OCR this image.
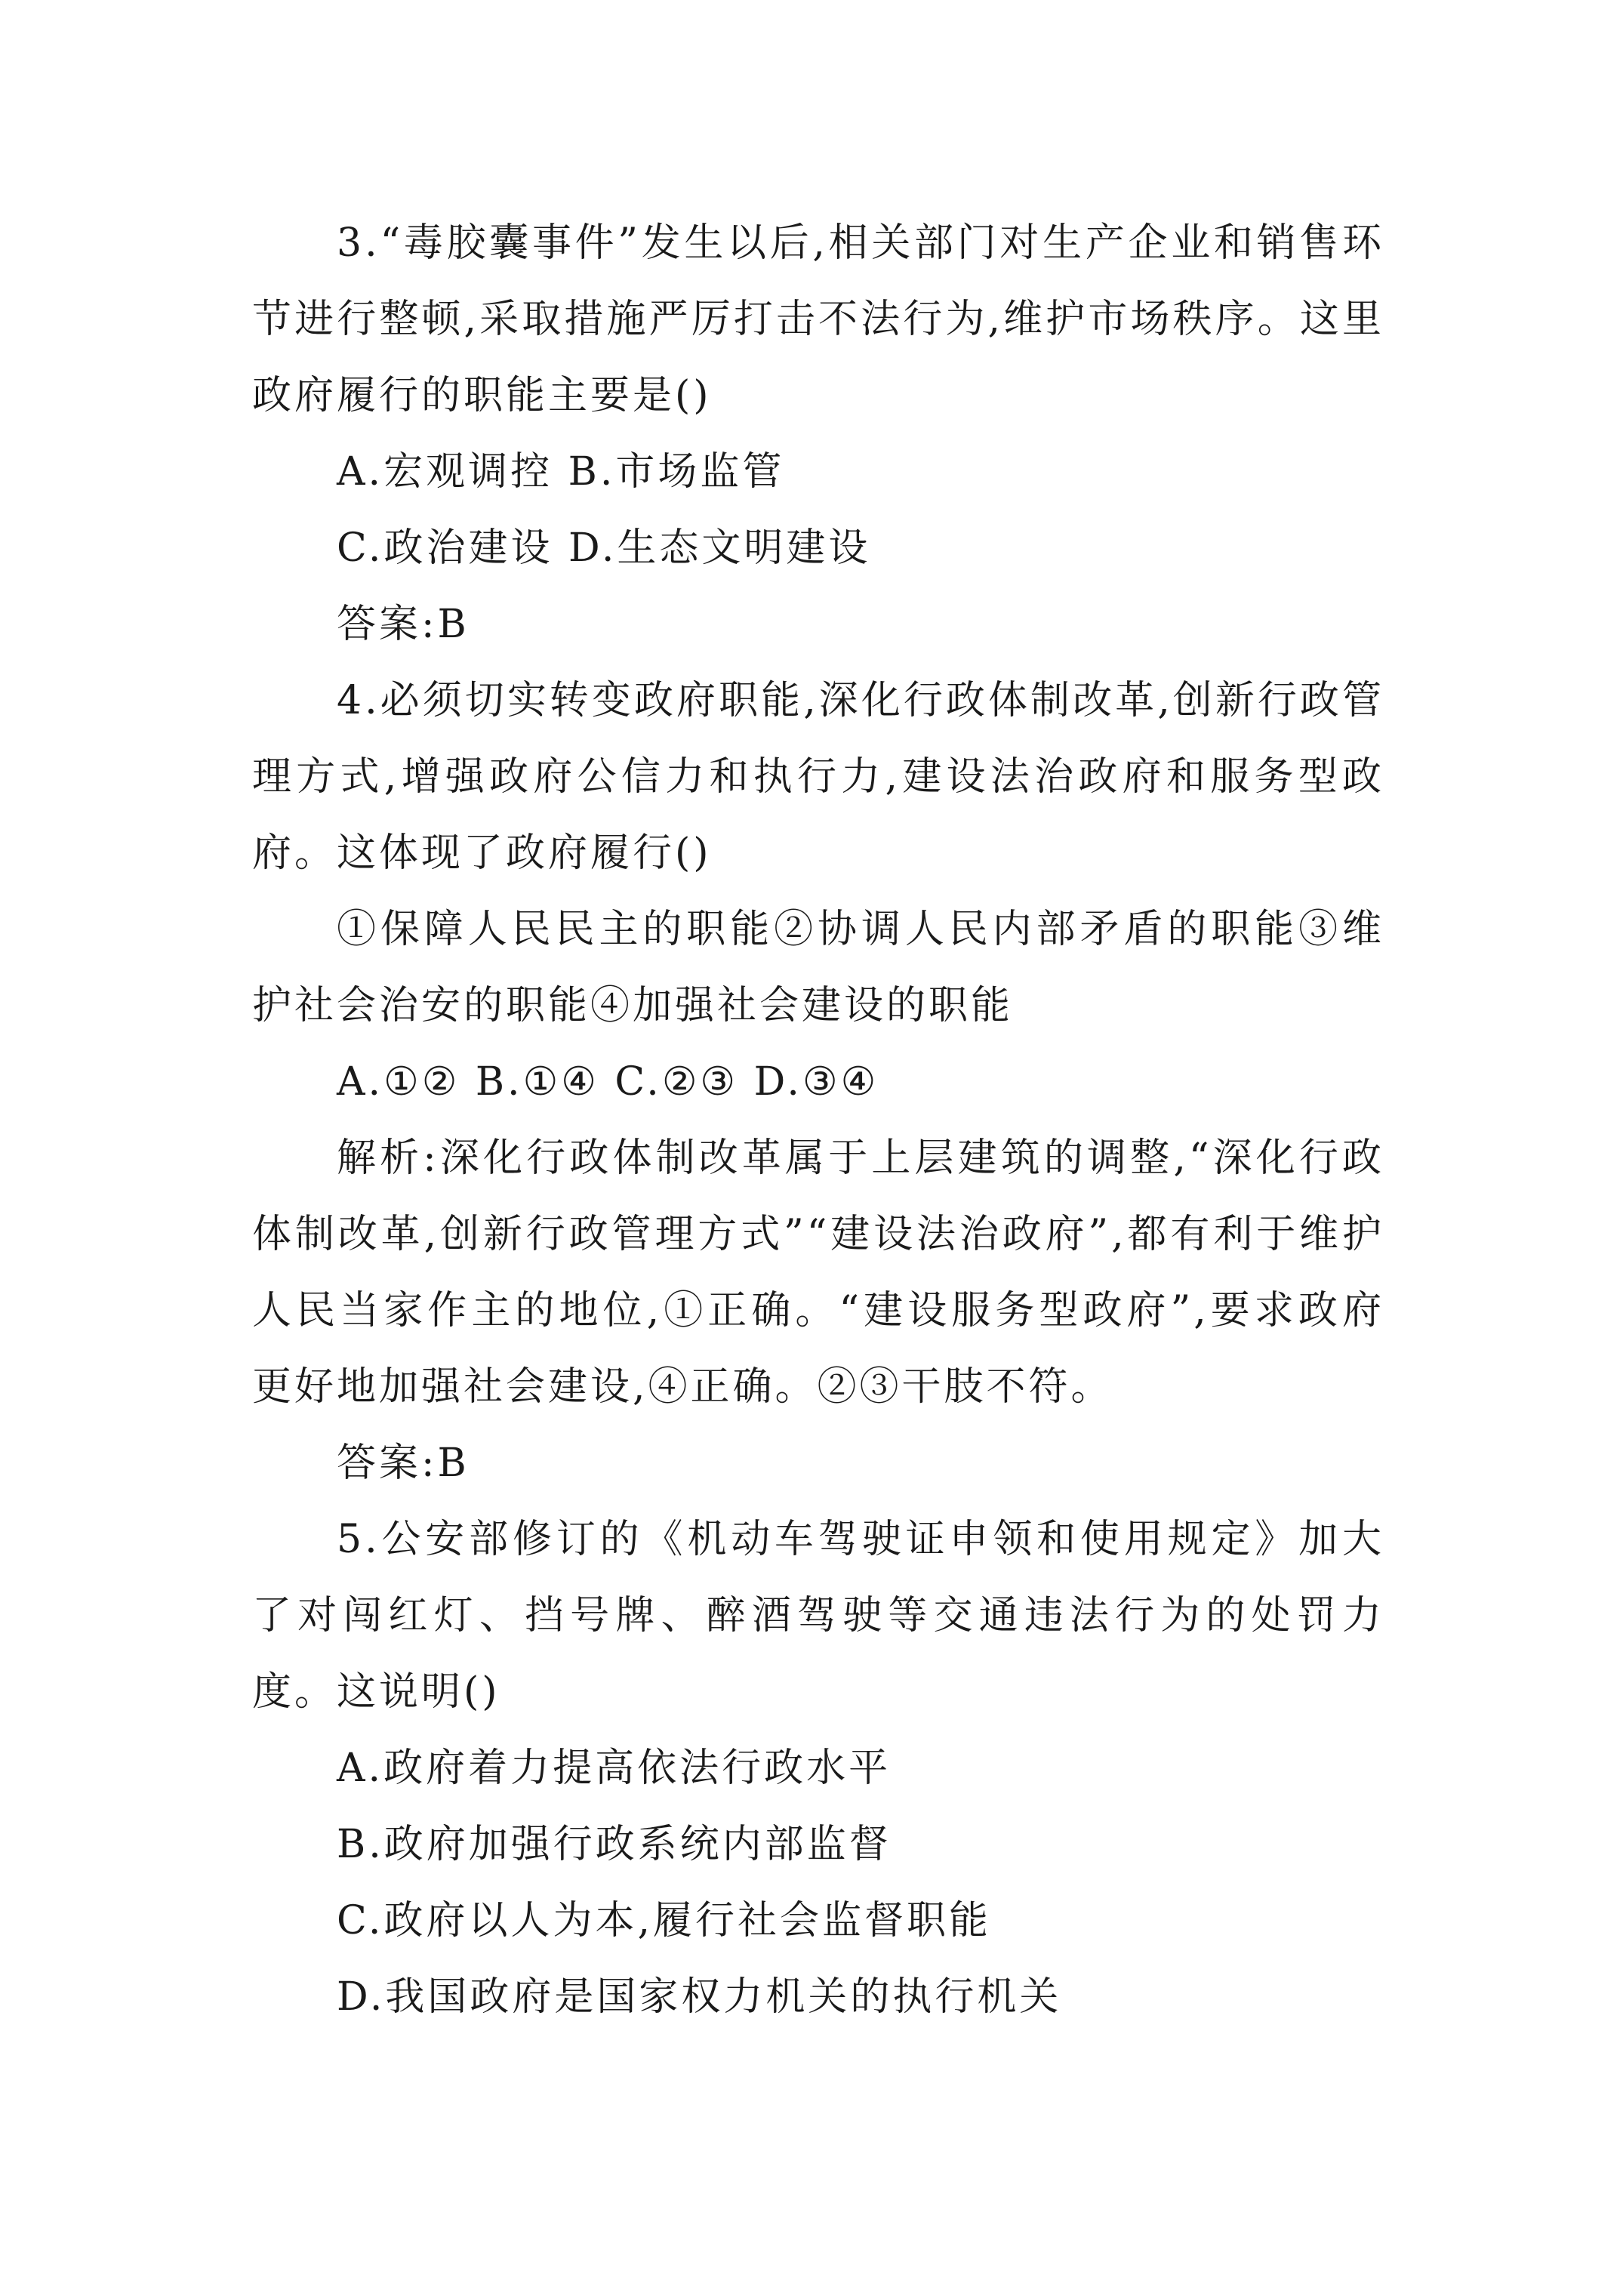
3.“毒胶囊事件”发生以后,相关部门对生产企业和销售环节进行整顿,采取措施严厉打击不法行为,维护市场秩序。这里政府履行的职能主要是()

A.宏观调控 B.市场监管

C.政治建设 D.生态文明建设

答案:B

4.必须切实转变政府职能,深化行政体制改革,创新行政管理方式,增强政府公信力和执行力,建设法治政府和服务型政府。这体现了政府履行()

①保障人民民主的职能②协调人民内部矛盾的职能③维护社会治安的职能④加强社会建设的职能

A.①② B.①④ C.②③ D.③④

解析:深化行政体制改革属于上层建筑的调整,“深化行政体制改革,创新行政管理方式”“建设法治政府”,都有利于维护人民当家作主的地位,①正确。“建设服务型政府”,要求政府更好地加强社会建设,④正确。②③干肢不符。

答案:B

5.公安部修订的《机动车驾驶证申领和使用规定》加大了对闯红灯、挡号牌、醉酒驾驶等交通违法行为的处罚力度。这说明()

A.政府着力提高依法行政水平

B.政府加强行政系统内部监督

C.政府以人为本,履行社会监督职能

D.我国政府是国家权力机关的执行机关
